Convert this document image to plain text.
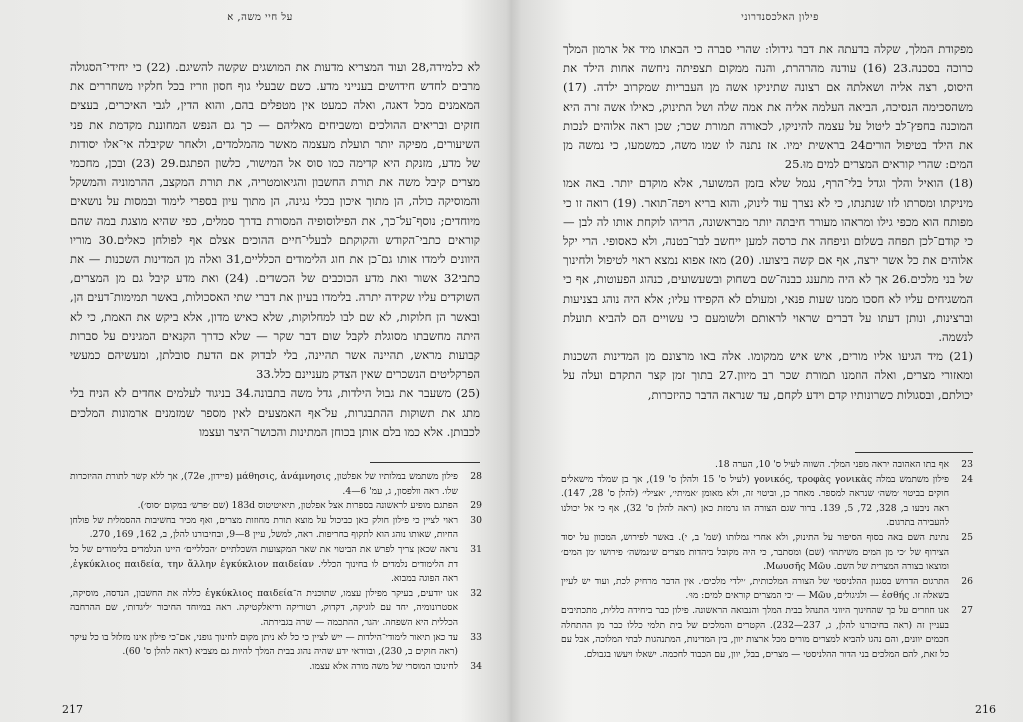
על חיי משה, א

לא כלמידה,28 ועוד המצריא מדעות את המושגים שקשה להשיגם. (22) כי יחידי־הסגולה מרבים לחדש חידושים בענייני מדע. כשם שבעלי גוף חסון וזריז בכל חלקיו משחררים את המאמנים מכל דאגה, ואלה כמעט אין מטפלים בהם, והוא הדין, לגבי האיכרים, בעצים חזקים ובריאים ההולכים ומשביחים מאליהם — כך גם הנפש המחוננת מקדמת את פני השיעורים, מפיקה יותר תועלת מעצמה מאשר מהמלמדים, ולאחר שקיבלה אי־אלו יסודות של מדע, מזנקת היא קדימה כמו סוס אל המישור, כלשון הפתגם.29 (23) ובכן, מחכמי מצרים קיבל משה את תורת החשבון והגיאומטריה, את תורת המקצב, ההרמוניה והמשקל והמוסיקה כולה, הן מתוך איכון בכלי נגינה, הן מתוך עיון בספרי לימוד ובמסות על נושאים מיוחדים; נוסף־על־כך, את הפילוסופיה המסורת בדרך סמלים, כפי שהיא מוצגת במה שהם קוראים כתבי־הקודש והקוקתם לבעלי־חיים ההוכים אצלם אף לפולחן כאלים.30 מוריו היוונים לימדו אותו גם־כן את חוג הלימודים הכלליים,31 ואלה מן המדינות השכנות — את כתבי32 אשור ואת מדע הכוכבים של הכשדים. (24) ואת מדע קיבל גם מן המצרים, השוקדים עליו שקידה יתרה. בלימדו בעיון את דברי שתי האסכולות, באשר תמימות־דעים הן, ובאשר הן חלוקות, לא שם לבו למחלוקות, שלא כאיש מדון, אלא ביקש את האמת, כי לא היתה מחשבתו מסוגלת לקבל שום דבר שקר — שלא כדרך הקנאים המגינים על סברות קבועות מראש, תהיינה אשר תהיינה, בלי לבדוק אם הדעת סובלתן, ומעשיהם כמעשי הפרקליטים הנשכרים שאין הצדק מעניינם כלל.33

(25) משעבר את גבול הילדות, גדל משה בתבונה.34 בניגוד לעלמים אחדים לא הניח בלי מתג את תשוקות ההתבגרות, על־אף האמצעים לאין מספר שמזמנים ארמונות המלכים לכבותן. אלא כמו בלם אותן בכוחן המתינות והכושר־היצר ועצמו

28
פילון משתמש במלותיו של אפלטון, μάθησις, ἀνάμνησις (פיידון, 72e), אך ללא קשר לתורת ההיזכרות שלו. ראה וולפסון, ג, עמ' 6—4.
29
הפתגם מופיע לראשונה בספרות אצל אפלטון, תיאיטיטוס 183d (שם ׳פרש׳ במקום ׳סוס׳).
30
ראוי לציין כי פילון חולק כאן כביכול על מוצא תורת מחוזות מצרים, ואף מכיר בחשיבות ההסמלית של פולחן החיות, שאותו נוהג הוא לתקוף בחריפות. ראה, למשל, עיין 8—9, ובחיבורנו להלן, ב, 162, 169, 270.
31
נראה שכאן צריך לפרש את הביטוי את שאר המקצועות השכלתיים ׳הכלליים׳ היינו הנלמדים בלימודים של כל דת הלימודים נלמדים לו בחינוך הכללי. ἐγκύκλιος παιδεία, την ἄλλην ἐγκύκλιον παιδείαν, ראה הפוגה במבוא.
32
אנו יודעים, בעיקר מפילון עצמו, שתוכנית ה־ἐγκύκλιος παιδεία כללה את החשבון, הנדסה, מוסיקה, אסטרונומיה, יחד עם לוגיקה, דקדוק, רטוריקה ודיאלקטיקה. ראה במיוחד החיבור ׳ליגדות׳, שם ההרחבה הכללית היא השפחה. ׳הגר, ההתכמה — שרה בגבירתה.
33
עד כאן תיאור לימודי־הילדות — ייש לציין כי כל לא ניתן מקום לחינוך גופני, אם־כי פילון אינו מזלזל בו כל עיקר (ראה חוקים ב, 230), ובוודאי ידע שהיה נהוג בבית המלך להיות גם מצביא (ראה להלן ס' 60).
34
לחינוכו המוסרי של משה מורה אלא עצמו.
217
פילון האלכסנדרוני

מפקודת המלך, שקלה בדעתה את דבר גידולו: שהרי סברה כי הבאתו מיד אל ארמון המלך כרוכה בסכנה.23 (16) עודנה מהרהרת, והנה ממקום תצפיתה ניחשה אחות הילד את היסוס, רצה אליה ושאלתה אם רצונה שתיניקו אשה מן העבריות שמקרוב ילדה. (17) משהסכימה הנסיכה, הביאה העלמה אליה את אמה שלה ושל התינוק, כאילו אשה זרה היא המוכנה בחפץ־לב ליטול על עצמה להיניקו, לכאורה תמורת שכר; שכן ראה אלוהים לנכות את הילד בטיפול הורים24 בראשית ימיו. אז נתנה לו שמו משה, כמשמעו, כי נמשה מן המים: שהרי קוראים המצרים למים מוּ.25

(18) הואיל והלך וגדל בלי־הרף, נגמל שלא בזמן המשוער, אלא מוקדם יותר. באה אמו מיניקתו ומסרתו לזו שנתנתו, כי לא נצרך עוד לינוק, והוא בריא ויפה־תואר. (19) רואה זו כי מפותח הוא מכפי גילו ומראהו מעורר חיבתה יותר מבראשונה, הריהו לוקחת אותו לה לבן — כי קודם־לכן תפחה בשלום וניפחה את כרסה למען ייחשב לבר־בטנה, ולא כאסופי. הרי יקל אלוהים את כל אשר ירצה, אף אם קשה ביצועו. (20) מאז אפוא נמצא ראוי לטיפול ולחינוך של בני מלכים.26 אך לא היה מתענג כבנה־שם בשחוק ובשעשועים, כנהוג הפעוטות, אף כי המשגיחים עליו לא חסכו ממנו שעות פנאי, ומעולם לא הקפידו עליו; אלא היה נוהג בצניעות וברצינות, ונותן דעתו על דברים שראוי לראותם ולשומעם כי עשויים הם להביא תועלת לנשמה.

(21) מיד הגיעו אליו מורים, איש איש ממקומו. אלה באו מרצונם מן המדינות השכנות ומאזורי מצרים, ואלה הוזמנו תמורת שכר רב מיוון.27 בתוך זמן קצר התקדם ועלה על יכולתם, ובסגולות כשרונותיו קדם וידע לקחם, עד שנראה הדבר כהיזכרות,

23
אף בתו האהובה יראה מפני המלך. השווה לעיל ס' 10, הערה 18.
24
פילון משתמש במלה γονικός, τροφὰς γονικὰς (לעיל ס' 15 ולהלן ס' 19), אך בן שמלד מישאלים חוקים בביטוי ׳משה׳ שנראה למספר. מאחר כן, וביטוי זה, ולא מאומן ׳אמיתי׳, ׳אצילי׳ (להלן ס' 28, 147). ראה ניבעו ב, 328, 72, 5, 139. ברור שגם הצורה הו נרמזת כאן (ראה להלן ס' 32), אף כי אל יכולנו להעבירה בתרגום.
25
נתינת השם באה בסוף הסיפור על התינוק, ולא אחרי גמלותו (שמ' ב, י). באשר לפירוש, המכוון על יסוד הצירוף של ׳כי מן המים משיתהו׳ (שם) ומסתבר, כי היה מקובל ביהדות מצרים ש׳נמשה׳ פירושו ׳מן המים׳ ומוצאו בצורה המצרית של השם. Μωυσῆς Μῶυ.
26
התרגום הדרוש בסגנון ההלניסטי של הצורה המלכותית, ׳ילדי מלכים׳. אין הדבר מרחיק לכת, ועוד יש לעיין בשאלה זו. ἐσθής — ולגיגולים, Μῶυ — ׳כי המצרים קוראים למים: מוּ׳.
27
אנו חוזרים על כך שהחינוך היווני התנהל בבית המלך והנבואה הראשונה. פילון כבר ביחידה כללית, מתכתיבים בעניין זה (ראה בחיבורנו להלן, ג, 237—232). הקטרים והמלכים של בית תלמי כללו כבר מן ההתחלה חכמים יוונים, והם נהגו להביא למצרים מורים מכל ארצות יוון, בין המדינות, המתנהגות לבתי המלוכה, אבל עם כל זאת, להם המלכים בני הדור ההלניסטי — מצרים, בבל, יוון, עם הכבוד לחכמה. ישאלו ויעשו בגבולם.
216
